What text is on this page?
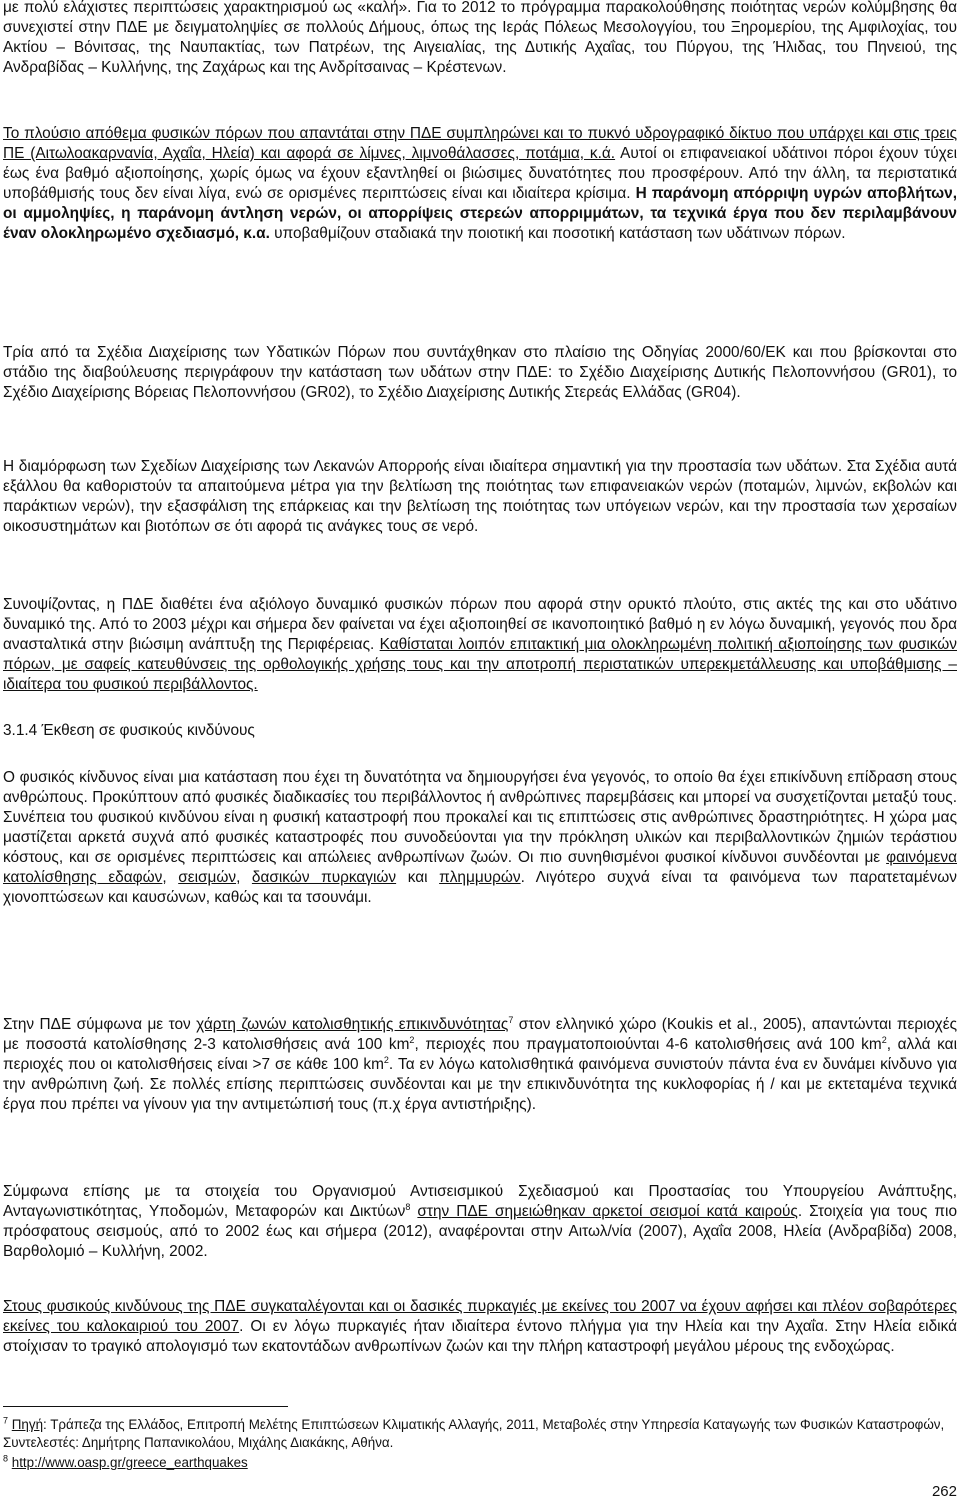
με πολύ ελάχιστες περιπτώσεις χαρακτηρισμού ως «καλή». Για το 2012 το πρόγραμμα παρακολούθησης ποιότητας νερών κολύμβησης θα συνεχιστεί στην ΠΔΕ με δειγματοληψίες σε πολλούς Δήμους, όπως της Ιεράς Πόλεως Μεσολογγίου, του Ξηρομερίου, της Αμφιλοχίας, του Ακτίου – Βόνιτσας, της Ναυπακτίας, των Πατρέων, της Αιγειαλίας, της Δυτικής Αχαΐας, του Πύργου, της Ήλιδας, του Πηνειού, της Ανδραβίδας – Κυλλήνης, της Ζαχάρως και της Ανδρίτσαινας – Κρέστενων.

Το πλούσιο απόθεμα φυσικών πόρων που απαντάται στην ΠΔΕ συμπληρώνει και το πυκνό υδρογραφικό δίκτυο που υπάρχει και στις τρεις ΠΕ (Αιτωλοακαρνανία, Αχαΐα, Ηλεία) και αφορά σε λίμνες, λιμνοθάλασσες, ποτάμια, κ.ά. Αυτοί οι επιφανειακοί υδάτινοι πόροι έχουν τύχει έως ένα βαθμό αξιοποίησης, χωρίς όμως να έχουν εξαντληθεί οι βιώσιμες δυνατότητες που προσφέρουν. Από την άλλη, τα περιστατικά υποβάθμισής τους δεν είναι λίγα, ενώ σε ορισμένες περιπτώσεις είναι και ιδιαίτερα κρίσιμα. Η παράνομη απόρριψη υγρών αποβλήτων, οι αμμοληψίες, η παράνομη άντληση νερών, οι απορρίψεις στερεών απορριμμάτων, τα τεχνικά έργα που δεν περιλαμβάνουν έναν ολοκληρωμένο σχεδιασμό, κ.α. υποβαθμίζουν σταδιακά την ποιοτική και ποσοτική κατάσταση των υδάτινων πόρων.

Τρία από τα Σχέδια Διαχείρισης των Υδατικών Πόρων που συντάχθηκαν στο πλαίσιο της Οδηγίας 2000/60/ΕΚ και που βρίσκονται στο στάδιο της διαβούλευσης περιγράφουν την κατάσταση των υδάτων στην ΠΔΕ: το Σχέδιο Διαχείρισης Δυτικής Πελοποννήσου (GR01), το Σχέδιο Διαχείρισης Βόρειας Πελοποννήσου (GR02), το Σχέδιο Διαχείρισης Δυτικής Στερεάς Ελλάδας (GR04).

Η διαμόρφωση των Σχεδίων Διαχείρισης των Λεκανών Απορροής είναι ιδιαίτερα σημαντική για την προστασία των υδάτων. Στα Σχέδια αυτά εξάλλου θα καθοριστούν τα απαιτούμενα μέτρα για την βελτίωση της ποιότητας των επιφανειακών νερών (ποταμών, λιμνών, εκβολών και παράκτιων νερών), την εξασφάλιση της επάρκειας και την βελτίωση της ποιότητας των υπόγειων νερών, και την προστασία των χερσαίων οικοσυστημάτων και βιοτόπων σε ότι αφορά τις ανάγκες τους σε νερό.

Συνοψίζοντας, η ΠΔΕ διαθέτει ένα αξιόλογο δυναμικό φυσικών πόρων που αφορά στην ορυκτό πλούτο, στις ακτές της και στο υδάτινο δυναμικό της. Από το 2003 μέχρι και σήμερα δεν φαίνεται να έχει αξιοποιηθεί σε ικανοποιητικό βαθμό η εν λόγω δυναμική, γεγονός που δρα ανασταλτικά στην βιώσιμη ανάπτυξη της Περιφέρειας. Καθίσταται λοιπόν επιτακτική μια ολοκληρωμένη πολιτική αξιοποίησης των φυσικών πόρων, με σαφείς κατευθύνσεις της ορθολογικής χρήσης τους και την αποτροπή περιστατικών υπερεκμετάλλευσης και υποβάθμισης – ιδιαίτερα του φυσικού περιβάλλοντος.

3.1.4 Έκθεση σε φυσικούς κινδύνους

Ο φυσικός κίνδυνος είναι μια κατάσταση που έχει τη δυνατότητα να δημιουργήσει ένα γεγονός, το οποίο θα έχει επικίνδυνη επίδραση στους ανθρώπους. Προκύπτουν από φυσικές διαδικασίες του περιβάλλοντος ή ανθρώπινες παρεμβάσεις και μπορεί να συσχετίζονται μεταξύ τους. Συνέπεια του φυσικού κινδύνου είναι η φυσική καταστροφή που προκαλεί και τις επιπτώσεις στις ανθρώπινες δραστηριότητες. Η χώρα μας μαστίζεται αρκετά συχνά από φυσικές καταστροφές που συνοδεύονται για την πρόκληση υλικών και περιβαλλοντικών ζημιών τεράστιου κόστους, και σε ορισμένες περιπτώσεις και απώλειες ανθρωπίνων ζωών. Οι πιο συνηθισμένοι φυσικοί κίνδυνοι συνδέονται με φαινόμενα κατολίσθησης εδαφών, σεισμών, δασικών πυρκαγιών και πλημμυρών. Λιγότερο συχνά είναι τα φαινόμενα των παρατεταμένων χιονοπτώσεων και καυσώνων, καθώς και τα τσουνάμι.

Στην ΠΔΕ σύμφωνα με τον χάρτη ζωνών κατολισθητικής επικινδυνότητας$^7$ στον ελληνικό χώρο (Koukis et al., 2005), απαντώνται περιοχές με ποσοστά κατολίσθησης 2-3 κατολισθήσεις ανά 100 $km^2$, περιοχές που πραγματοποιούνται 4-6 κατολισθήσεις ανά 100 $km^2$, αλλά και περιοχές που οι κατολισθήσεις είναι >7 σε κάθε 100 $km^2$. Τα εν λόγω κατολισθητικά φαινόμενα συνιστούν πάντα ένα εν δυνάμει κίνδυνο για την ανθρώπινη ζωή. Σε πολλές επίσης περιπτώσεις συνδέονται και με την επικινδυνότητα της κυκλοφορίας ή / και με εκτεταμένα τεχνικά έργα που πρέπει να γίνουν για την αντιμετώπισή τους (π.χ έργα αντιστήριξης).

Σύμφωνα επίσης με τα στοιχεία του Οργανισμού Αντισεισμικού Σχεδιασμού και Προστασίας του Υπουργείου Ανάπτυξης, Ανταγωνιστικότητας, Υποδομών, Μεταφορών και Δικτύων$^8$ στην ΠΔΕ σημειώθηκαν αρκετοί σεισμοί κατά καιρούς. Στοιχεία για τους πιο πρόσφατους σεισμούς, από το 2002 έως και σήμερα (2012), αναφέρονται στην Αιτωλ/νία (2007), Αχαΐα 2008, Ηλεία (Ανδραβίδα) 2008, Βαρθολομιό – Κυλλήνη, 2002.

Στους φυσικούς κινδύνους της ΠΔΕ συγκαταλέγονται και οι δασικές πυρκαγιές με εκείνες του 2007 να έχουν αφήσει και πλέον σοβαρότερες εκείνες του καλοκαιριού του 2007. Οι εν λόγω πυρκαγιές ήταν ιδιαίτερα έντονο πλήγμα για την Ηλεία και την Αχαΐα. Στην Ηλεία ειδικά στοίχισαν το τραγικό απολογισμό των εκατοντάδων ανθρωπίνων ζωών και την πλήρη καταστροφή μεγάλου μέρους της ενδοχώρας.

$^7$ Πηγή: Τράπεζα της Ελλάδος, Επιτροπή Μελέτης Επιπτώσεων Κλιματικής Αλλαγής, 2011, Μεταβολές στην Υπηρεσία Καταγωγής των Φυσικών Καταστροφών, Συντελεστές: Δημήτρης Παπανικολάου, Μιχάλης Διακάκης, Αθήνα.

$^8$ http://www.oasp.gr/greece_earthquakes

262
